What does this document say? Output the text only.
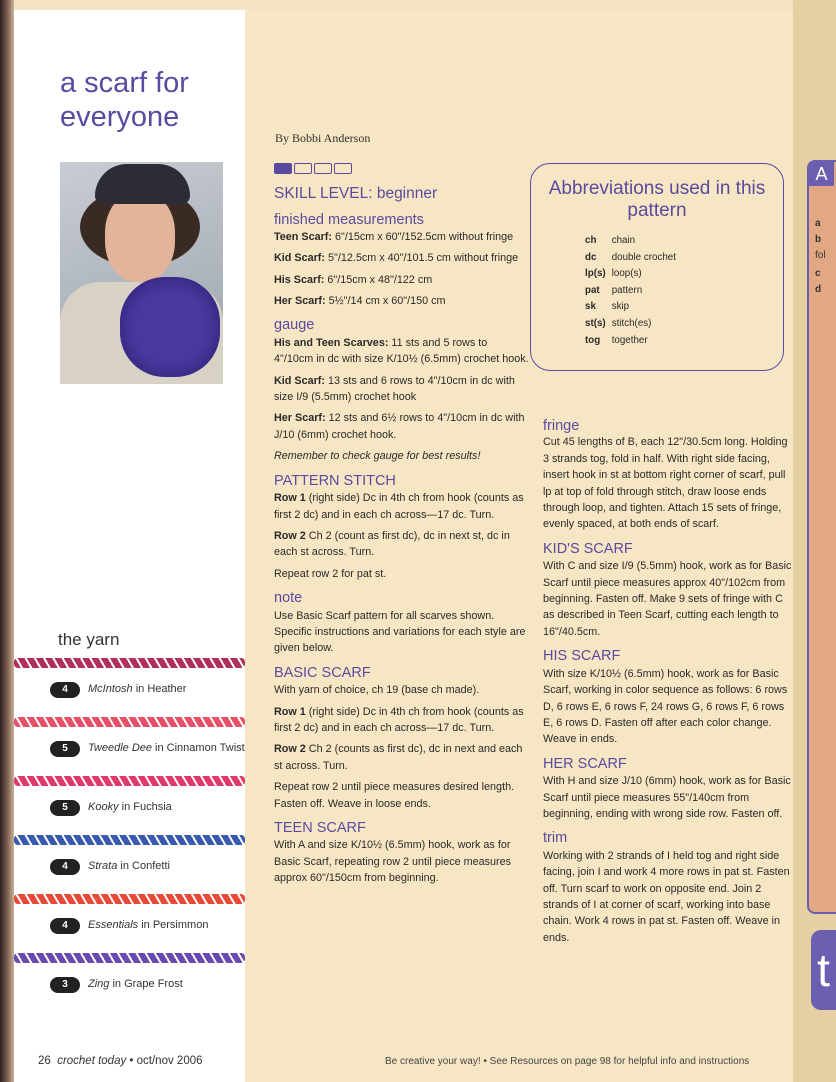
A
a
b
fol
c
d
t
a scarf for
everyone
By Bobbi Anderson
SKILL LEVEL: beginner
finished measurements

Teen Scarf: 6"/15cm x 60"/152.5cm without fringe

Kid Scarf: 5"/12.5cm x 40"/101.5 cm without fringe

His Scarf: 6"/15cm x 48"/122 cm

Her Scarf: 5½"/14 cm x 60"/150 cm

gauge

His and Teen Scarves: 11 sts and 5 rows to 4"/10cm in dc with size K/10½ (6.5mm) crochet hook.

Kid Scarf: 13 sts and 6 rows to 4"/10cm in dc with size I/9 (5.5mm) crochet hook

Her Scarf: 12 sts and 6½ rows to 4"/10cm in dc with J/10 (6mm) crochet hook.

Remember to check gauge for best results!

PATTERN STITCH

Row 1 (right side) Dc in 4th ch from hook (counts as first 2 dc) and in each ch across—17 dc. Turn.

Row 2 Ch 2 (count as first dc), dc in next st, dc in each st across. Turn.

Repeat row 2 for pat st.

note

Use Basic Scarf pattern for all scarves shown. Specific instructions and variations for each style are given below.

BASIC SCARF

With yarn of choice, ch 19 (base ch made).

Row 1 (right side) Dc in 4th ch from hook (counts as first 2 dc) and in each ch across—17 dc. Turn.

Row 2 Ch 2 (counts as first dc), dc in next and each st across. Turn.

Repeat row 2 until piece measures desired length. Fasten off. Weave in loose ends.

TEEN SCARF

With A and size K/10½ (6.5mm) hook, work as for Basic Scarf, repeating row 2 until piece measures approx 60"/150cm from beginning.

Abbreviations used in this pattern
ch	chain
dc	double crochet
lp(s)	loop(s)
pat	pattern
sk	skip
st(s)	stitch(es)
tog	together
fringe

Cut 45 lengths of B, each 12"/30.5cm long. Holding 3 strands tog, fold in half. With right side facing, insert hook in st at bottom right corner of scarf, pull lp at top of fold through stitch, draw loose ends through loop, and tighten. Attach 15 sets of fringe, evenly spaced, at both ends of scarf.

KID'S SCARF

With C and size I/9 (5.5mm) hook, work as for Basic Scarf until piece measures approx 40"/102cm from beginning. Fasten off. Make 9 sets of fringe with C as described in Teen Scarf, cutting each length to 16"/40.5cm.

HIS SCARF

With size K/10½ (6.5mm) hook, work as for Basic Scarf, working in color sequence as follows: 6 rows D, 6 rows E, 6 rows F, 24 rows G, 6 rows F, 6 rows E, 6 rows D. Fasten off after each color change. Weave in ends.

HER SCARF

With H and size J/10 (6mm) hook, work as for Basic Scarf until piece measures 55"/140cm from beginning, ending with wrong side row. Fasten off.

trim

Working with 2 strands of I held tog and right side facing, join I and work 4 more rows in pat st. Fasten off. Turn scarf to work on opposite end. Join 2 strands of I at corner of scarf, working into base chain. Work 4 rows in pat st. Fasten off. Weave in ends.

the yarn
4	McIntosh in Heather
5	Tweedle Dee in Cinnamon Twist
5	Kooky in Fuchsia
4	Strata in Confetti
4	Essentials in Persimmon
3	Zing in Grape Frost
26 crochet today • oct/nov 2006	Be creative your way! • See Resources on page 98 for helpful info and instructions
